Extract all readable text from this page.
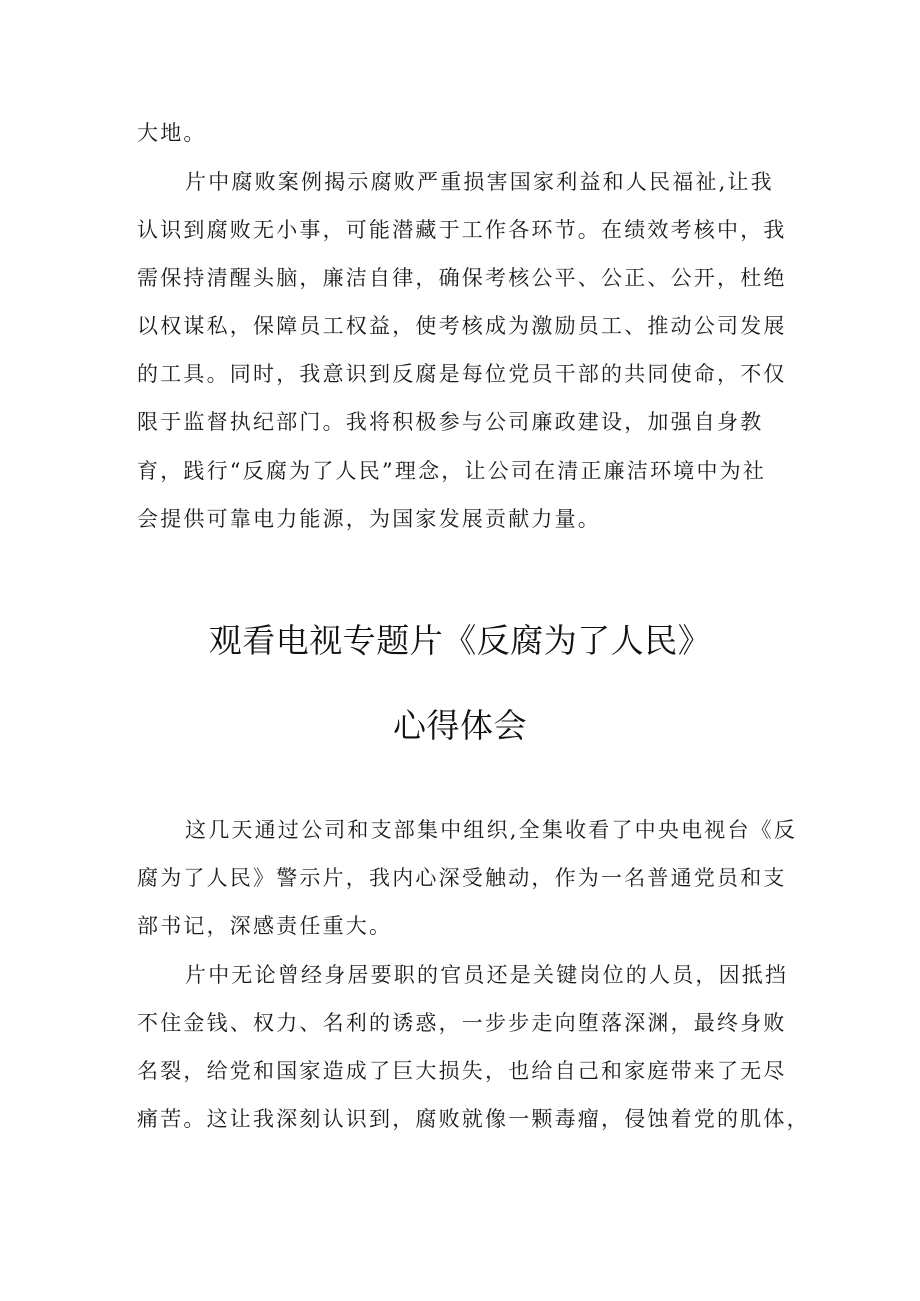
大地。
片中腐败案例揭示腐败严重损害国家利益和人民福祉,让我
认识到腐败无小事，可能潜藏于工作各环节。在绩效考核中，我
需保持清醒头脑，廉洁自律，确保考核公平、公正、公开，杜绝
以权谋私，保障员工权益，使考核成为激励员工、推动公司发展
的工具。同时，我意识到反腐是每位党员干部的共同使命，不仅
限于监督执纪部门。我将积极参与公司廉政建设，加强自身教
育，践行“反腐为了人民”理念，让公司在清正廉洁环境中为社
会提供可靠电力能源，为国家发展贡献力量。
观看电视专题片《反腐为了人民》
心得体会
这几天通过公司和支部集中组织,全集收看了中央电视台《反
腐为了人民》警示片，我内心深受触动，作为一名普通党员和支
部书记，深感责任重大。
片中无论曾经身居要职的官员还是关键岗位的人员，因抵挡
不住金钱、权力、名利的诱惑，一步步走向堕落深渊，最终身败
名裂，给党和国家造成了巨大损失，也给自己和家庭带来了无尽
痛苦。这让我深刻认识到，腐败就像一颗毒瘤，侵蚀着党的肌体，
